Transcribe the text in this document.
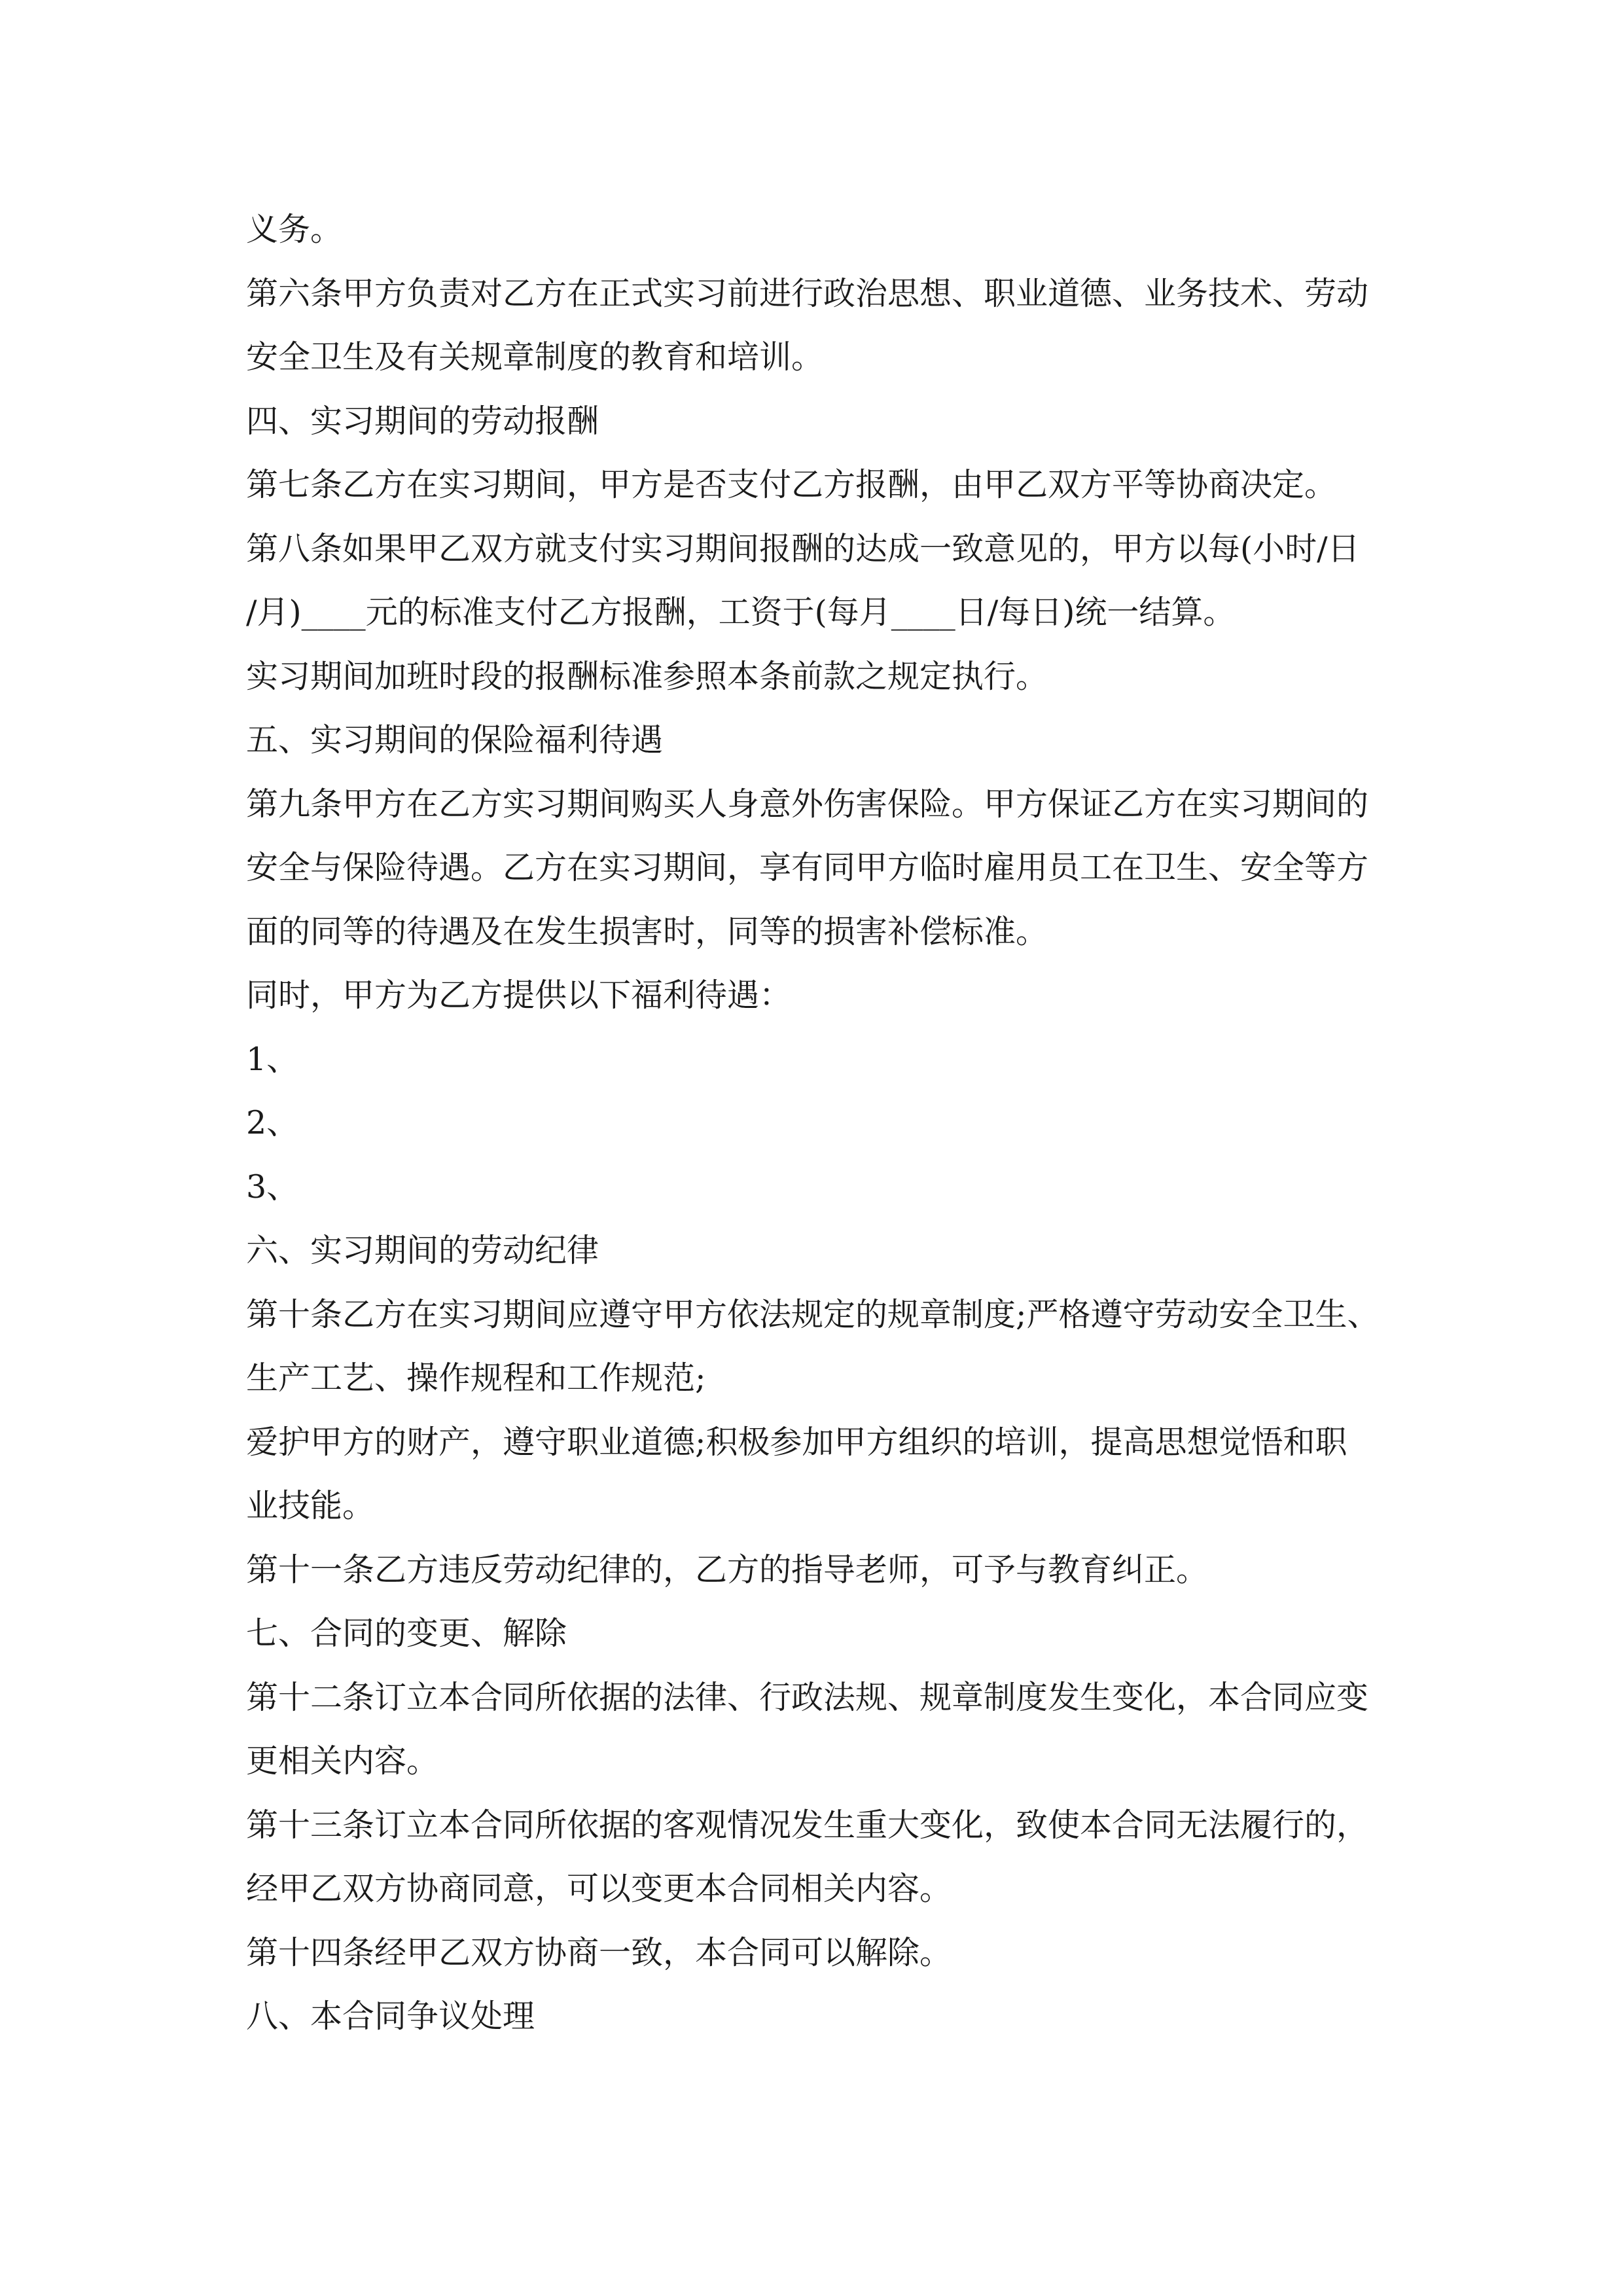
义务。
第六条甲方负责对乙方在正式实习前进行政治思想、职业道德、业务技术、劳动
安全卫生及有关规章制度的教育和培训。
四、实习期间的劳动报酬
第七条乙方在实习期间，甲方是否支付乙方报酬，由甲乙双方平等协商决定。
第八条如果甲乙双方就支付实习期间报酬的达成一致意见的，甲方以每(小时/日
/月)____元的标准支付乙方报酬，工资于(每月____日/每日)统一结算。
实习期间加班时段的报酬标准参照本条前款之规定执行。
五、实习期间的保险福利待遇
第九条甲方在乙方实习期间购买人身意外伤害保险。甲方保证乙方在实习期间的
安全与保险待遇。乙方在实习期间，享有同甲方临时雇用员工在卫生、安全等方
面的同等的待遇及在发生损害时，同等的损害补偿标准。
同时，甲方为乙方提供以下福利待遇：
1、
2、
3、
六、实习期间的劳动纪律
第十条乙方在实习期间应遵守甲方依法规定的规章制度;严格遵守劳动安全卫生、
生产工艺、操作规程和工作规范;
爱护甲方的财产，遵守职业道德;积极参加甲方组织的培训，提高思想觉悟和职
业技能。
第十一条乙方违反劳动纪律的，乙方的指导老师，可予与教育纠正。
七、合同的变更、解除
第十二条订立本合同所依据的法律、行政法规、规章制度发生变化，本合同应变
更相关内容。
第十三条订立本合同所依据的客观情况发生重大变化，致使本合同无法履行的，
经甲乙双方协商同意，可以变更本合同相关内容。
第十四条经甲乙双方协商一致，本合同可以解除。
八、本合同争议处理
